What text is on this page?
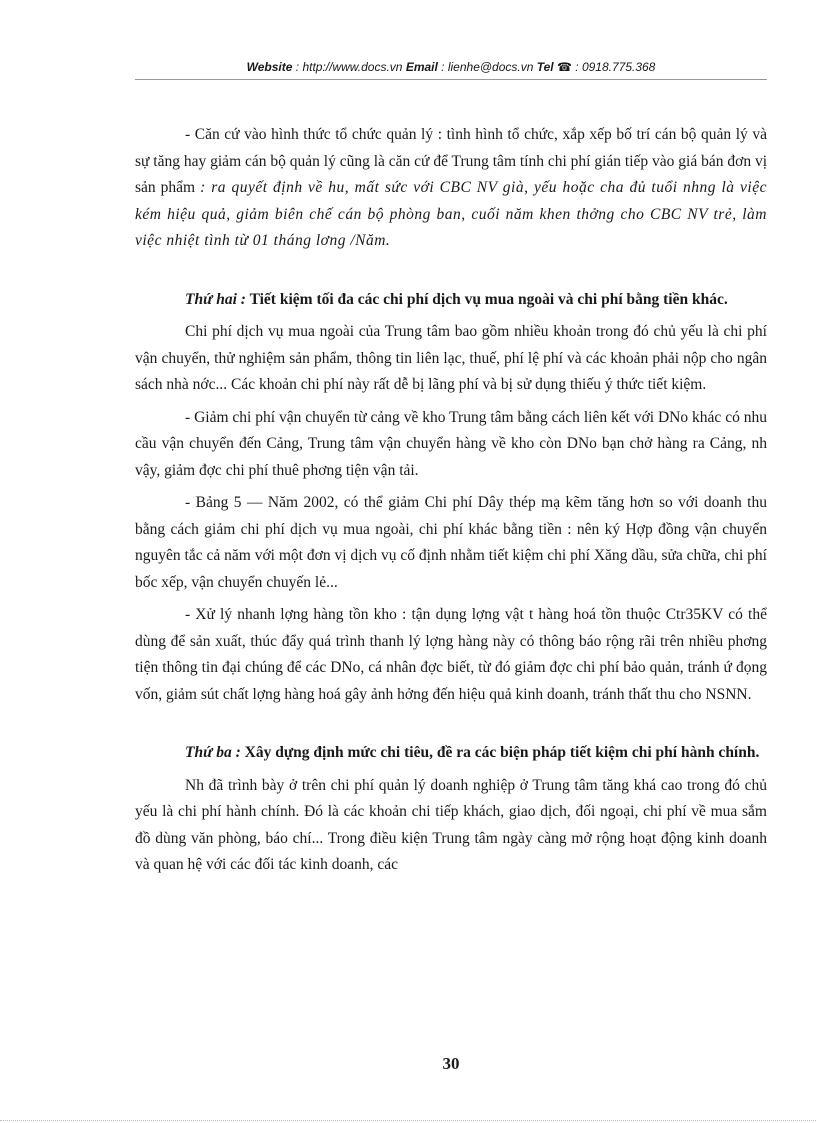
Website : http://www.docs.vn Email : lienhe@docs.vn Tel ☎ : 0918.775.368

- Căn cứ vào hình thức tổ chức quản lý : tình hình tổ chức, xắp xếp bố trí cán bộ quản lý và sự tăng hay giảm cán bộ quản lý cũng là căn cứ để Trung tâm tính chi phí gián tiếp vào giá bán đơn vị sản phẩm : ra quyết định về hu, mất sức với CBC NV già, yếu hoặc cha đủ tuổi nhng là việc kém hiệu quả, giảm biên chế cán bộ phòng ban, cuối năm khen thởng cho CBC NV trẻ, làm việc nhiệt tình từ 01 tháng lơng /Năm.

Thứ hai : Tiết kiệm tối đa các chi phí dịch vụ mua ngoài và chi phí bằng tiền khác.

Chi phí dịch vụ mua ngoài của Trung tâm bao gồm nhiều khoản trong đó chủ yếu là chi phí vận chuyển, thử nghiệm sản phẩm, thông tin liên lạc, thuế, phí lệ phí và các khoản phải nộp cho ngân sách nhà nớc... Các khoản chi phí này rất dễ bị lãng phí và bị sử dụng thiếu ý thức tiết kiệm.

- Giảm chi phí vận chuyển từ cảng về kho Trung tâm bằng cách liên kết với DNo khác có nhu cầu vận chuyển đến Cảng, Trung tâm vận chuyển hàng về kho còn DNo bạn chở hàng ra Cảng, nh vậy, giảm đợc chi phí thuê phơng tiện vận tải.

- Bảng 5 — Năm 2002, có thể giảm Chi phí Dây thép mạ kẽm tăng hơn so với doanh thu bằng cách giảm chi phí dịch vụ mua ngoài, chi phí khác bằng tiền : nên ký Hợp đồng vận chuyển nguyên tắc cả năm với một đơn vị dịch vụ cố định nhằm tiết kiệm chi phí Xăng dầu, sửa chữa, chi phí bốc xếp, vận chuyển chuyến lẻ...

- Xử lý nhanh lợng hàng tồn kho : tận dụng lợng vật t hàng hoá tồn thuộc Ctr35KV có thể dùng để sản xuất, thúc đẩy quá trình thanh lý lợng hàng này có thông báo rộng rãi trên nhiều phơng tiện thông tin đại chúng để các DNo, cá nhân đợc biết, từ đó giảm đợc chi phí bảo quản, tránh ứ đọng vốn, giảm sút chất lợng hàng hoá gây ảnh hởng đến hiệu quả kinh doanh, tránh thất thu cho NSNN.

Thứ ba : Xây dựng định mức chi tiêu, đề ra các biện pháp tiết kiệm chi phí hành chính.

Nh đã trình bày ở trên chi phí quản lý doanh nghiệp ở Trung tâm tăng khá cao trong đó chủ yếu là chi phí hành chính. Đó là các khoản chi tiếp khách, giao dịch, đối ngoại, chi phí về mua sắm đồ dùng văn phòng, báo chí... Trong điều kiện Trung tâm ngày càng mở rộng hoạt động kinh doanh và quan hệ với các đối tác kinh doanh, các

30
